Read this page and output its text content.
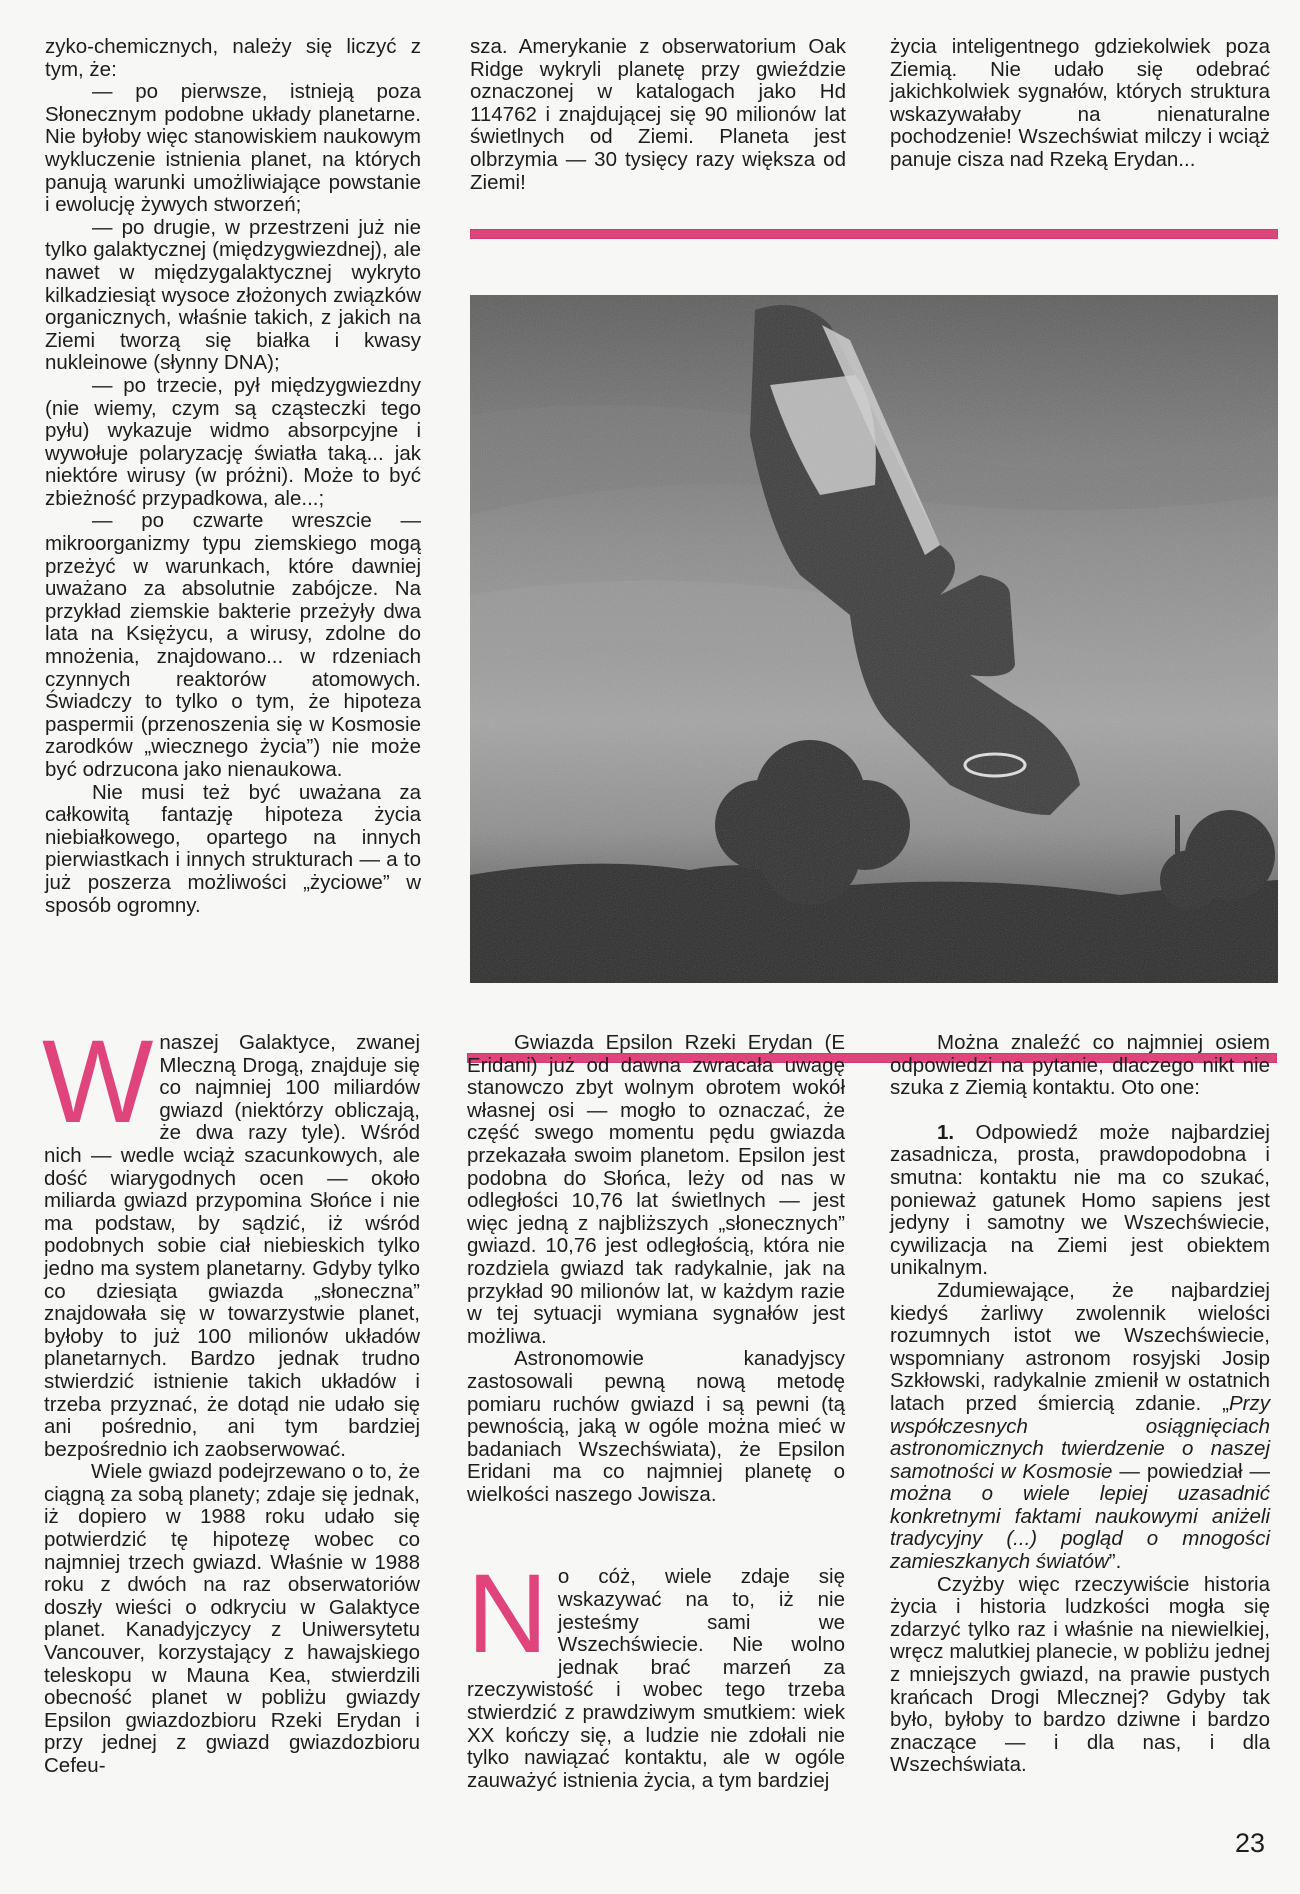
zyko-chemicznych, należy się liczyć z tym, że:

— po pierwsze, istnieją poza Słonecznym podobne układy planetarne. Nie byłoby więc stanowiskiem naukowym wykluczenie istnienia planet, na których panują warunki umożliwiające powstanie i ewolucję żywych stworzeń;

— po drugie, w przestrzeni już nie tylko galaktycznej (międzygwiezdnej), ale nawet w międzygalaktycznej wykryto kilkadziesiąt wysoce złożonych związków organicznych, właśnie takich, z jakich na Ziemi tworzą się białka i kwasy nukleinowe (słynny DNA);

— po trzecie, pył międzygwiezdny (nie wiemy, czym są cząsteczki tego pyłu) wykazuje widmo absorpcyjne i wywołuje polaryzację światła taką... jak niektóre wirusy (w próżni). Może to być zbieżność przypadkowa, ale...;

— po czwarte wreszcie — mikroorganizmy typu ziemskiego mogą przeżyć w warunkach, które dawniej uważano za absolutnie zabójcze. Na przykład ziemskie bakterie przeżyły dwa lata na Księżycu, a wirusy, zdolne do mnożenia, znajdowano... w rdzeniach czynnych reaktorów atomowych. Świadczy to tylko o tym, że hipoteza paspermii (przenoszenia się w Kosmosie zarodków „wiecznego życia”) nie może być odrzucona jako nienaukowa.

Nie musi też być uważana za całkowitą fantazję hipoteza życia niebiałkowego, opartego na innych pierwiastkach i innych strukturach — a to już poszerza możliwości „życiowe” w sposób ogromny.

sza. Amerykanie z obserwatorium Oak Ridge wykryli planetę przy gwieździe oznaczonej w katalogach jako Hd 114762 i znajdującej się 90 milionów lat świetlnych od Ziemi. Planeta jest olbrzymia — 30 tysięcy razy większa od Ziemi!

życia inteligentnego gdziekolwiek poza Ziemią. Nie udało się odebrać jakichkolwiek sygnałów, których struktura wskazywałaby na nienaturalne pochodzenie! Wszechświat milczy i wciąż panuje cisza nad Rzeką Erydan...

Wnaszej Galaktyce, zwanej Mleczną Drogą, znajduje się co najmniej 100 miliardów gwiazd (niektórzy obliczają, że dwa razy tyle). Wśród nich — wedle wciąż szacunkowych, ale dość wiarygodnych ocen — około miliarda gwiazd przypomina Słońce i nie ma podstaw, by sądzić, iż wśród podobnych sobie ciał niebieskich tylko jedno ma system planetarny. Gdyby tylko co dziesiąta gwiazda „słoneczna” znajdowała się w towarzystwie planet, byłoby to już 100 milionów układów planetarnych. Bardzo jednak trudno stwierdzić istnienie takich układów i trzeba przyznać, że dotąd nie udało się ani pośrednio, ani tym bardziej bezpośrednio ich zaobserwować.

Wiele gwiazd podejrzewano o to, że ciągną za sobą planety; zdaje się jednak, iż dopiero w 1988 roku udało się potwierdzić tę hipotezę wobec co najmniej trzech gwiazd. Właśnie w 1988 roku z dwóch na raz obserwatoriów doszły wieści o odkryciu w Galaktyce planet. Kanadyjczycy z Uniwersytetu Vancouver, korzystający z hawajskiego teleskopu w Mauna Kea, stwierdzili obecność planet w pobliżu gwiazdy Epsilon gwiazdozbioru Rzeki Erydan i przy jednej z gwiazd gwiazdozbioru Cefeu-

Gwiazda Epsilon Rzeki Erydan (E Eridani) już od dawna zwracała uwagę stanowczo zbyt wolnym obrotem wokół własnej osi — mogło to oznaczać, że część swego momentu pędu gwiazda przekazała swoim planetom. Epsilon jest podobna do Słońca, leży od nas w odległości 10,76 lat świetlnych — jest więc jedną z najbliższych „słonecznych” gwiazd. 10,76 jest odległością, która nie rozdziela gwiazd tak radykalnie, jak na przykład 90 milionów lat, w każdym razie w tej sytuacji wymiana sygnałów jest możliwa.

Astronomowie kanadyjscy zastosowali pewną nową metodę pomiaru ruchów gwiazd i są pewni (tą pewnością, jaką w ogóle można mieć w badaniach Wszechświata), że Epsilon Eridani ma co najmniej planetę o wielkości naszego Jowisza.

No cóż, wiele zdaje się wskazywać na to, iż nie jesteśmy sami we Wszechświecie. Nie wolno jednak brać marzeń za rzeczywistość i wobec tego trzeba stwierdzić z prawdziwym smutkiem: wiek XX kończy się, a ludzie nie zdołali nie tylko nawiązać kontaktu, ale w ogóle zauważyć istnienia życia, a tym bardziej

Można znaleźć co najmniej osiem odpowiedzi na pytanie, dlaczego nikt nie szuka z Ziemią kontaktu. Oto one:

1. Odpowiedź może najbardziej zasadnicza, prosta, prawdopodobna i smutna: kontaktu nie ma co szukać, ponieważ gatunek Homo sapiens jest jedyny i samotny we Wszechświecie, cywilizacja na Ziemi jest obiektem unikalnym.

Zdumiewające, że najbardziej kiedyś żarliwy zwolennik wielości rozumnych istot we Wszechświecie, wspomniany astronom rosyjski Josip Szkłowski, radykalnie zmienił w ostatnich latach przed śmiercią zdanie. „Przy współczesnych osiągnięciach astronomicznych twierdzenie o naszej samotności w Kosmosie — powiedział — można o wiele lepiej uzasadnić konkretnymi faktami naukowymi aniżeli tradycyjny (...) pogląd o mnogości zamieszkanych światów”.

Czyżby więc rzeczywiście historia życia i historia ludzkości mogła się zdarzyć tylko raz i właśnie na niewielkiej, wręcz malutkiej planecie, w pobliżu jednej z mniejszych gwiazd, na prawie pustych krańcach Drogi Mlecznej? Gdyby tak było, byłoby to bardzo dziwne i bardzo znaczące — i dla nas, i dla Wszechświata.

23
